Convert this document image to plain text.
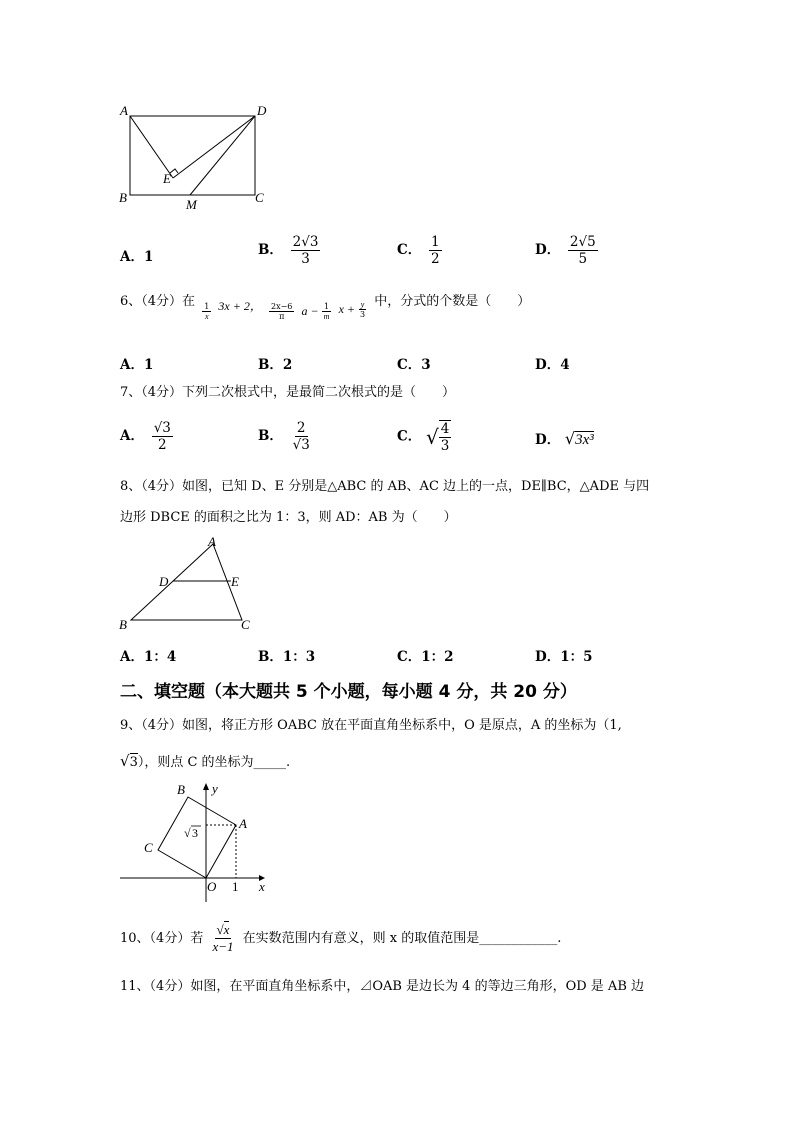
A	D
B	C
E
M
A．1	B． $\frac{2√3}{3}$	C． $\frac{1}{2}$	D． $\frac{2√5}{5}$
6、（4分）在
$\frac{1}{x} 3x + 2$， $\frac{2x-6}{\pi}$ $a - \frac{1}{m}$ $x + \frac{y}{3}$ 中，分式的个数是（　　）
A．1	B．2	C．3	D．4
7、（4分）下列二次根式中，是最简二次根式的是（　　）
A． $\frac{√3}{2}$	B． $\frac{2}{√3}$	C． √ $\frac{4}{3}$	D． √3x³
8、（4分）如图，已知 D、E 分别是△ABC 的 AB、AC 边上的一点，DE∥BC，△ADE 与四
边形 DBCE 的面积之比为 1：3，则 AD：AB 为（　　）
A
D	E
B	C
A．1：4	B．1：3	C．1：2	D．1：5
二、填空题（本大题共 5 个小题，每小题 4 分，共 20 分）
9、（4分）如图，将正方形 OABC 放在平面直角坐标系中，O 是原点，A 的坐标为（1,
√3），则点 C 的坐标为_____.
B y
A
C
O 1 x
√ 3
10、（4分）若 $\frac{√x}{x-1}$ 在实数范围内有意义，则 x 的取值范围是____________.
11、（4分）如图，在平面直角坐标系中，⊿OAB 是边长为 4 的等边三角形，OD 是 AB 边
